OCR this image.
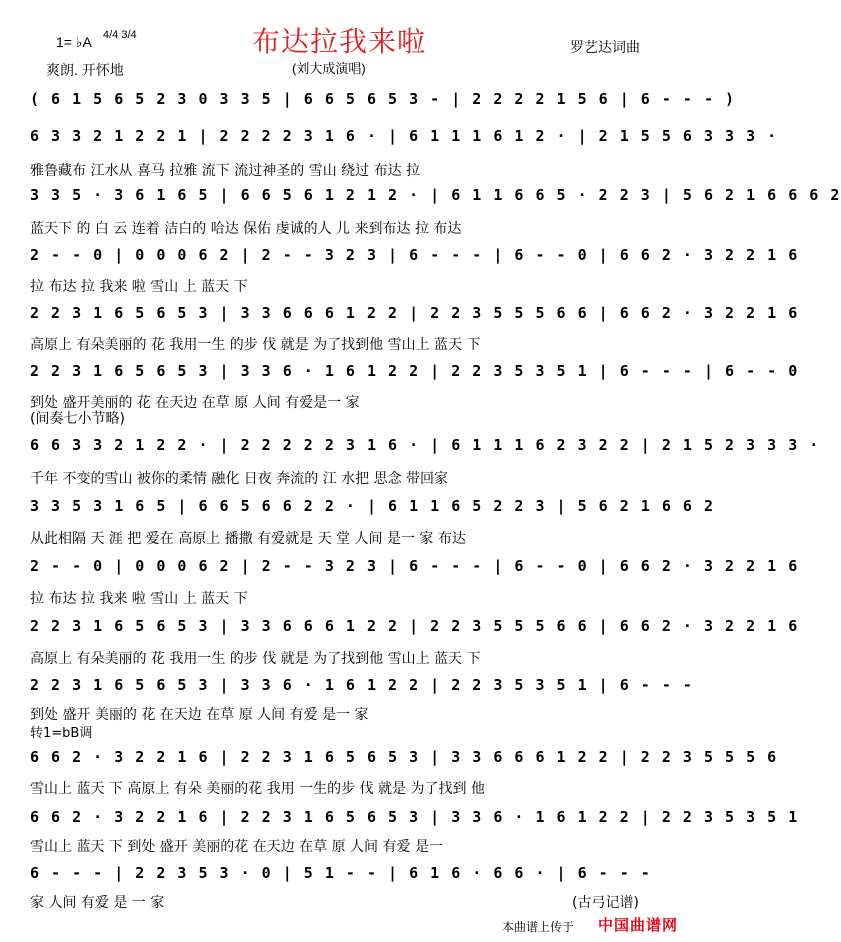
1= ♭A 4/4 3/4	布达拉我来啦	罗艺达词曲
爽朗. 开怀地	(刘大成演唱)
( 6 1 5 6 5 2 3 0 3 3 5 | 6 6 5 6 5 3 - | 2 2 2 2 1 5 6 | 6 - - - )
6 3 3 2 1 2 2 1 | 2 2 2 2 3 1 6 · | 6 1 1 1 6 1 2 · | 2 1 5 5 6 3 3 3 ·
雅鲁藏布 江水从 喜马 拉雅 流下 流过神圣的 雪山 绕过 布达 拉
3 3 5 · 3 6 1 6 5 | 6 6 5 6 1 2 1 2 · | 6 1 1 6 6 5 · 2 2 3 | 5 6 2 1 6 6 6 2
蓝天下 的 白 云 连着 洁白的 哈达 保佑 虔诚的人 儿 来到布达 拉 布达
2 - - 0 | 0 0 0 6 2 | 2 - - 3 2 3 | 6 - - - | 6 - - 0 | 6 6 2 · 3 2 2 1 6
拉 布达 拉 我来 啦 雪山 上 蓝天 下
2 2 3 1 6 5 6 5 3 | 3 3 6 6 6 1 2 2 | 2 2 3 5 5 5 6 6 | 6 6 2 · 3 2 2 1 6
高原上 有朵美丽的 花 我用一生 的步 伐 就是 为了找到他 雪山上 蓝天 下
2 2 3 1 6 5 6 5 3 | 3 3 6 · 1 6 1 2 2 | 2 2 3 5 3 5 1 | 6 - - - | 6 - - 0
到处 盛开美丽的 花 在天边 在草 原 人间 有爱是一 家
(间奏七小节略)
6 6 3 3 2 1 2 2 · | 2 2 2 2 2 3 1 6 · | 6 1 1 1 6 2 3 2 2 | 2 1 5 2 3 3 3 ·
千年 不变的雪山 被你的柔情 融化 日夜 奔流的 江 水把 思念 带回家
3 3 5 3 1 6 5 | 6 6 5 6 6 2 2 · | 6 1 1 6 5 2 2 3 | 5 6 2 1 6 6 2
从此相隔 天 涯 把 爱在 高原上 播撒 有爱就是 天 堂 人间 是一 家 布达
2 - - 0 | 0 0 0 6 2 | 2 - - 3 2 3 | 6 - - - | 6 - - 0 | 6 6 2 · 3 2 2 1 6
拉 布达 拉 我来 啦 雪山 上 蓝天 下
2 2 3 1 6 5 6 5 3 | 3 3 6 6 6 1 2 2 | 2 2 3 5 5 5 6 6 | 6 6 2 · 3 2 2 1 6
高原上 有朵美丽的 花 我用一生 的步 伐 就是 为了找到他 雪山上 蓝天 下
2 2 3 1 6 5 6 5 3 | 3 3 6 · 1 6 1 2 2 | 2 2 3 5 3 5 1 | 6 - - -
到处 盛开 美丽的 花 在天边 在草 原 人间 有爱 是一 家
转1=bB调
6 6 2 · 3 2 2 1 6 | 2 2 3 1 6 5 6 5 3 | 3 3 6 6 6 1 2 2 | 2 2 3 5 5 5 6
雪山上 蓝天 下 高原上 有朵 美丽的花 我用 一生的步 伐 就是 为了找到 他
6 6 2 · 3 2 2 1 6 | 2 2 3 1 6 5 6 5 3 | 3 3 6 · 1 6 1 2 2 | 2 2 3 5 3 5 1
雪山上 蓝天 下 到处 盛开 美丽的花 在天边 在草 原 人间 有爱 是一
6 - - - | 2 2 3 5 3 · 0 | 5 1 - - | 6 1 6 · 6 6 · | 6 - - -
家 人间 有爱 是 一 家	(古弓记谱)
本曲谱上传于 中国曲谱网
